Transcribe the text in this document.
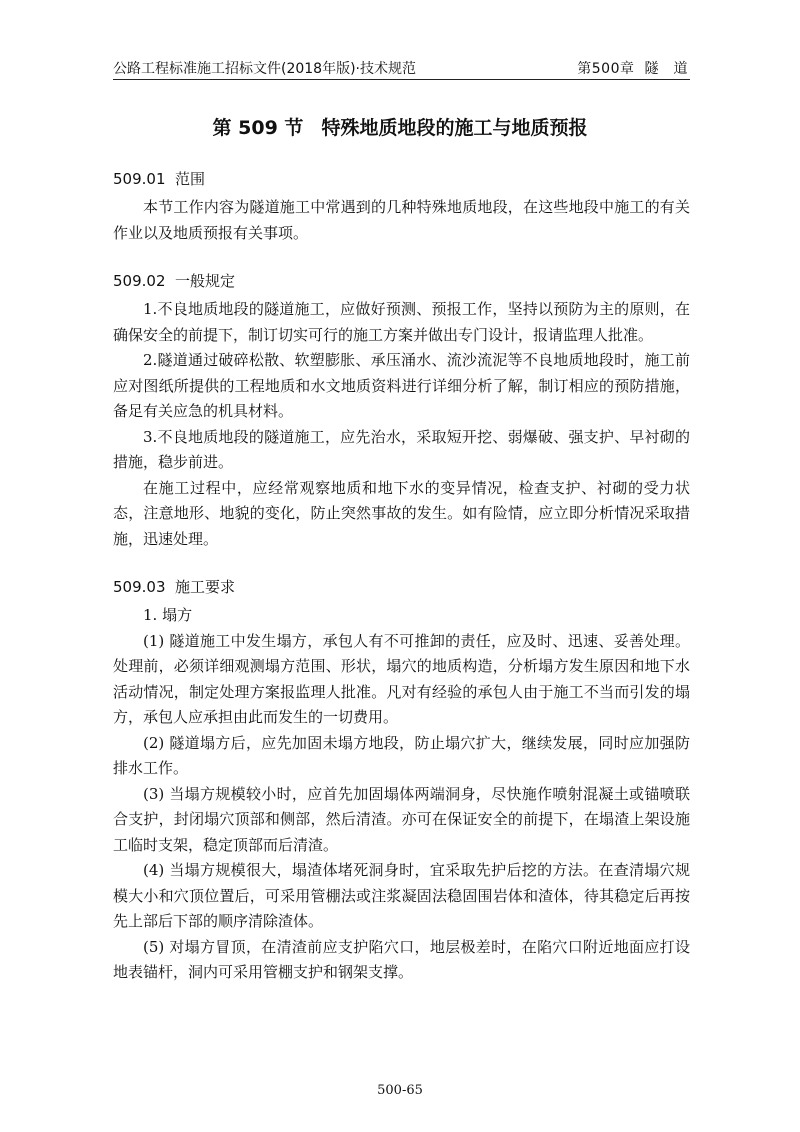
公路工程标准施工招标文件(2018年版)·技术规范	第500章 隧　道
第 509 节 特殊地质地段的施工与地质预报
509.01 范围

本节工作内容为隧道施工中常遇到的几种特殊地质地段，在这些地段中施工的有关作业以及地质预报有关事项。

509.02 一般规定

1.不良地质地段的隧道施工，应做好预测、预报工作，坚持以预防为主的原则，在确保安全的前提下，制订切实可行的施工方案并做出专门设计，报请监理人批准。

2.隧道通过破碎松散、软塑膨胀、承压涌水、流沙流泥等不良地质地段时，施工前应对图纸所提供的工程地质和水文地质资料进行详细分析了解，制订相应的预防措施，备足有关应急的机具材料。

3.不良地质地段的隧道施工，应先治水，采取短开挖、弱爆破、强支护、早衬砌的措施，稳步前进。

在施工过程中，应经常观察地质和地下水的变异情况，检查支护、衬砌的受力状态，注意地形、地貌的变化，防止突然事故的发生。如有险情，应立即分析情况采取措施，迅速处理。

509.03 施工要求

1. 塌方

(1) 隧道施工中发生塌方，承包人有不可推卸的责任，应及时、迅速、妥善处理。处理前，必须详细观测塌方范围、形状，塌穴的地质构造，分析塌方发生原因和地下水活动情况，制定处理方案报监理人批准。凡对有经验的承包人由于施工不当而引发的塌方，承包人应承担由此而发生的一切费用。

(2) 隧道塌方后，应先加固未塌方地段，防止塌穴扩大，继续发展，同时应加强防排水工作。

(3) 当塌方规模较小时，应首先加固塌体两端洞身，尽快施作喷射混凝土或锚喷联合支护，封闭塌穴顶部和侧部，然后清渣。亦可在保证安全的前提下，在塌渣上架设施工临时支架，稳定顶部而后清渣。

(4) 当塌方规模很大，塌渣体堵死洞身时，宜采取先护后挖的方法。在查清塌穴规模大小和穴顶位置后，可采用管棚法或注浆凝固法稳固围岩体和渣体，待其稳定后再按先上部后下部的顺序清除渣体。

(5) 对塌方冒顶，在清渣前应支护陷穴口，地层极差时，在陷穴口附近地面应打设地表锚杆，洞内可采用管棚支护和钢架支撑。

500-65
